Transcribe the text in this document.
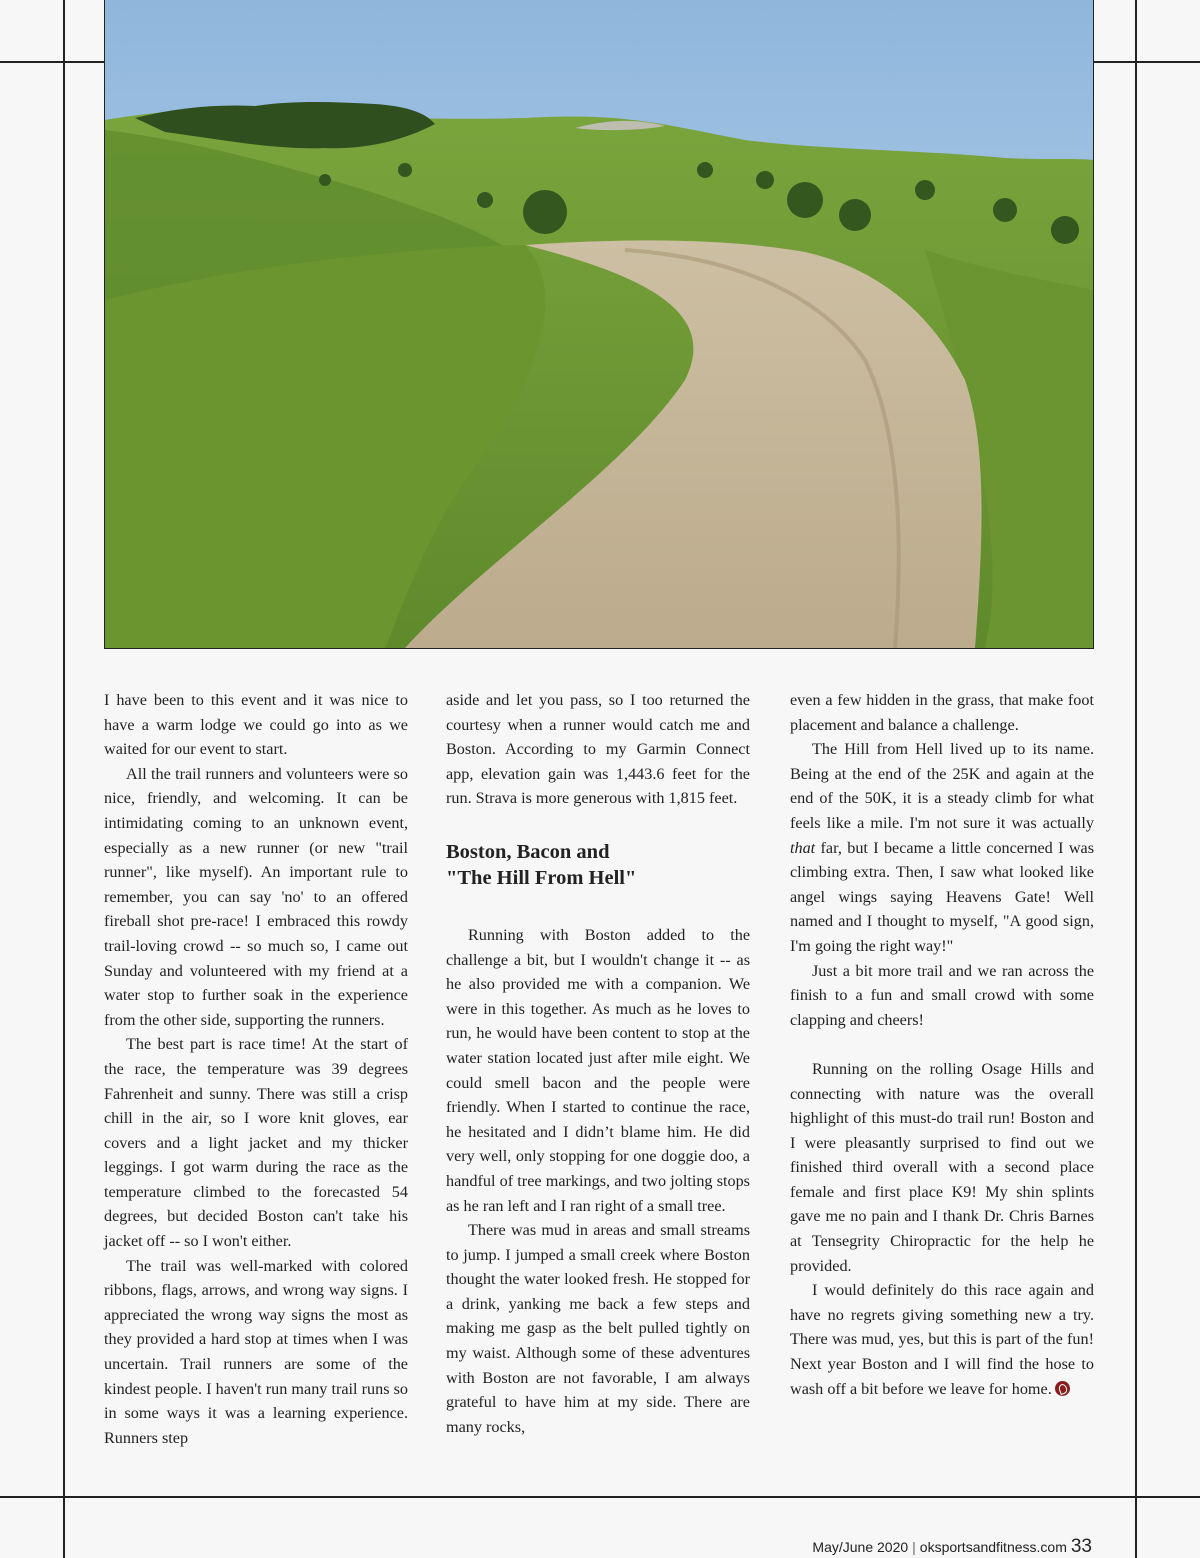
I have been to this event and it was nice to have a warm lodge we could go into as we waited for our event to start.

All the trail runners and volunteers were so nice, friendly, and welcoming. It can be intimidating coming to an unknown event, especially as a new runner (or new "trail runner", like myself). An important rule to remember, you can say 'no' to an offered fireball shot pre-race! I embraced this rowdy trail-loving crowd -- so much so, I came out Sunday and volunteered with my friend at a water stop to further soak in the experience from the other side, supporting the runners.

The best part is race time! At the start of the race, the temperature was 39 degrees Fahrenheit and sunny. There was still a crisp chill in the air, so I wore knit gloves, ear covers and a light jacket and my thicker leggings. I got warm during the race as the temperature climbed to the forecasted 54 degrees, but decided Boston can't take his jacket off -- so I won't either.

The trail was well-marked with colored ribbons, flags, arrows, and wrong way signs. I appreciated the wrong way signs the most as they provided a hard stop at times when I was uncertain. Trail runners are some of the kindest people. I haven't run many trail runs so in some ways it was a learning experience. Runners step

aside and let you pass, so I too returned the courtesy when a runner would catch me and Boston. According to my Garmin Connect app, elevation gain was 1,443.6 feet for the run. Strava is more generous with 1,815 feet.

Boston, Bacon and
"The Hill From Hell"

Running with Boston added to the challenge a bit, but I wouldn't change it -- as he also provided me with a companion. We were in this together. As much as he loves to run, he would have been content to stop at the water station located just after mile eight. We could smell bacon and the people were friendly. When I started to continue the race, he hesitated and I didn’t blame him. He did very well, only stopping for one doggie doo, a handful of tree markings, and two jolting stops as he ran left and I ran right of a small tree.

There was mud in areas and small streams to jump. I jumped a small creek where Boston thought the water looked fresh. He stopped for a drink, yanking me back a few steps and making me gasp as the belt pulled tightly on my waist. Although some of these adventures with Boston are not favorable, I am always grateful to have him at my side. There are many rocks,

even a few hidden in the grass, that make foot placement and balance a challenge.

The Hill from Hell lived up to its name. Being at the end of the 25K and again at the end of the 50K, it is a steady climb for what feels like a mile. I'm not sure it was actually that far, but I became a little concerned I was climbing extra. Then, I saw what looked like angel wings saying Heavens Gate! Well named and I thought to myself, "A good sign, I'm going the right way!"

Just a bit more trail and we ran across the finish to a fun and small crowd with some clapping and cheers!

Running on the rolling Osage Hills and connecting with nature was the overall highlight of this must-do trail run! Boston and I were pleasantly surprised to find out we finished third overall with a second place female and first place K9! My shin splints gave me no pain and I thank Dr. Chris Barnes at Tensegrity Chiropractic for the help he provided.

I would definitely do this race again and have no regrets giving something new a try. There was mud, yes, but this is part of the fun! Next year Boston and I will find the hose to wash off a bit before we leave for home.

May/June 2020 | oksportsandfitness.com 33
